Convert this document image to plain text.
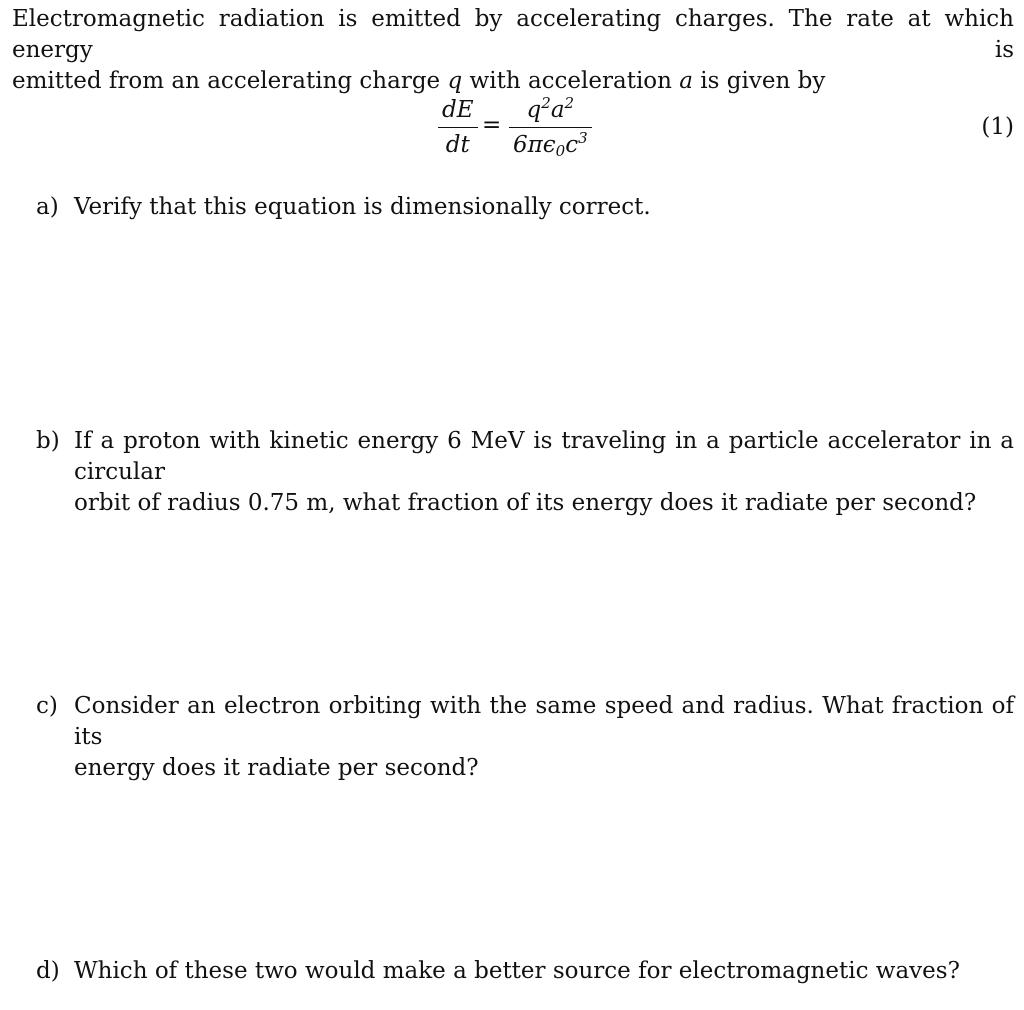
Electromagnetic radiation is emitted by accelerating charges. The rate at which energy is
emitted from an accelerating charge q with acceleration a is given by
dE
dt
=
$q^2a^2$
$6\pi\epsilon_0c^3$	(1)
a) Verify that this equation is dimensionally correct.
b) If a proton with kinetic energy 6 MeV is traveling in a particle accelerator in a circular
orbit of radius 0.75 m, what fraction of its energy does it radiate per second?
c) Consider an electron orbiting with the same speed and radius. What fraction of its
energy does it radiate per second?
d) Which of these two would make a better source for electromagnetic waves?
